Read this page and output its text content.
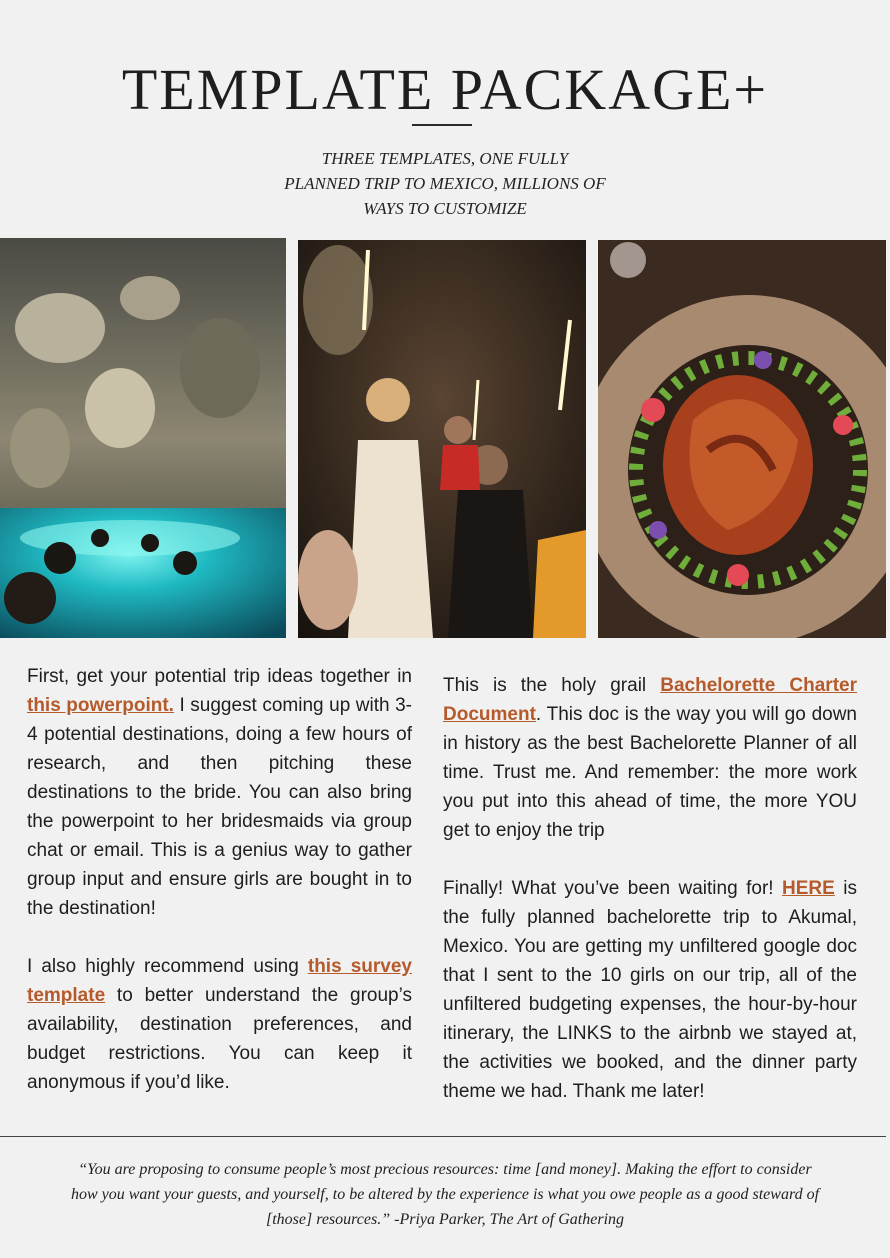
TEMPLATE PACKAGE+
THREE TEMPLATES, ONE FULLY
PLANNED TRIP TO MEXICO, MILLIONS OF
WAYS TO CUSTOMIZE

First, get your potential trip ideas together in this powerpoint. I suggest coming up with 3-4 potential destinations, doing a few hours of research, and then pitching these destinations to the bride. You can also bring the powerpoint to her bridesmaids via group chat or email. This is a genius way to gather group input and ensure girls are bought in to the destination!

I also highly recommend using this survey template to better understand the group’s availability, destination preferences, and budget restrictions. You can keep it anonymous if you’d like.

This is the holy grail Bachelorette Charter Document. This doc is the way you will go down in history as the best Bachelorette Planner of all time. Trust me. And remember: the more work you put into this ahead of time, the more YOU get to enjoy the trip

Finally! What you’ve been waiting for! HERE is the fully planned bachelorette trip to Akumal, Mexico. You are getting my unfiltered google doc that I sent to the 10 girls on our trip, all of the unfiltered budgeting expenses, the hour-by-hour itinerary, the LINKS to the airbnb we stayed at, the activities we booked, and the dinner party theme we had. Thank me later!

“You are proposing to consume people’s most precious resources: time [and money]. Making the effort to consider how you want your guests, and yourself, to be altered by the experience is what you owe people as a good steward of [those] resources.” -Priya Parker, The Art of Gathering
